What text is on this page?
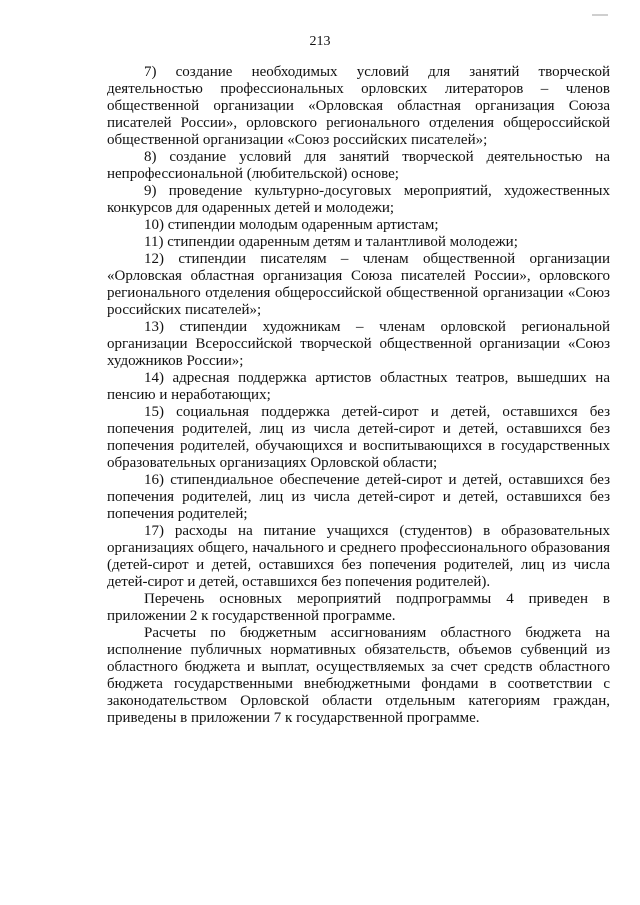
213

7) создание необходимых условий для занятий творческой деятельностью профессиональных орловских литераторов – членов общественной организации «Орловская областная организация Союза писателей России», орловского регионального отделения общероссийской общественной организации «Союз российских писателей»;

8) создание условий для занятий творческой деятельностью на непрофессиональной (любительской) основе;

9) проведение культурно-досуговых мероприятий, художественных конкурсов для одаренных детей и молодежи;

10) стипендии молодым одаренным артистам;

11) стипендии одаренным детям и талантливой молодежи;

12) стипендии писателям – членам общественной организации «Орловская областная организация Союза писателей России», орловского регионального отделения общероссийской общественной организации «Союз российских писателей»;

13) стипендии художникам – членам орловской региональной организации Всероссийской творческой общественной организации «Союз художников России»;

14) адресная поддержка артистов областных театров, вышедших на пенсию и неработающих;

15) социальная поддержка детей-сирот и детей, оставшихся без попечения родителей, лиц из числа детей-сирот и детей, оставшихся без попечения родителей, обучающихся и воспитывающихся в государственных образовательных организациях Орловской области;

16) стипендиальное обеспечение детей-сирот и детей, оставшихся без попечения родителей, лиц из числа детей-сирот и детей, оставшихся без попечения родителей;

17) расходы на питание учащихся (студентов) в образовательных организациях общего, начального и среднего профессионального образования (детей-сирот и детей, оставшихся без попечения родителей, лиц из числа детей-сирот и детей, оставшихся без попечения родителей).

Перечень основных мероприятий подпрограммы 4 приведен в приложении 2 к государственной программе.

Расчеты по бюджетным ассигнованиям областного бюджета на исполнение публичных нормативных обязательств, объемов субвенций из областного бюджета и выплат, осуществляемых за счет средств областного бюджета государственными внебюджетными фондами в соответствии с законодательством Орловской области отдельным категориям граждан, приведены в приложении 7 к государственной программе.
